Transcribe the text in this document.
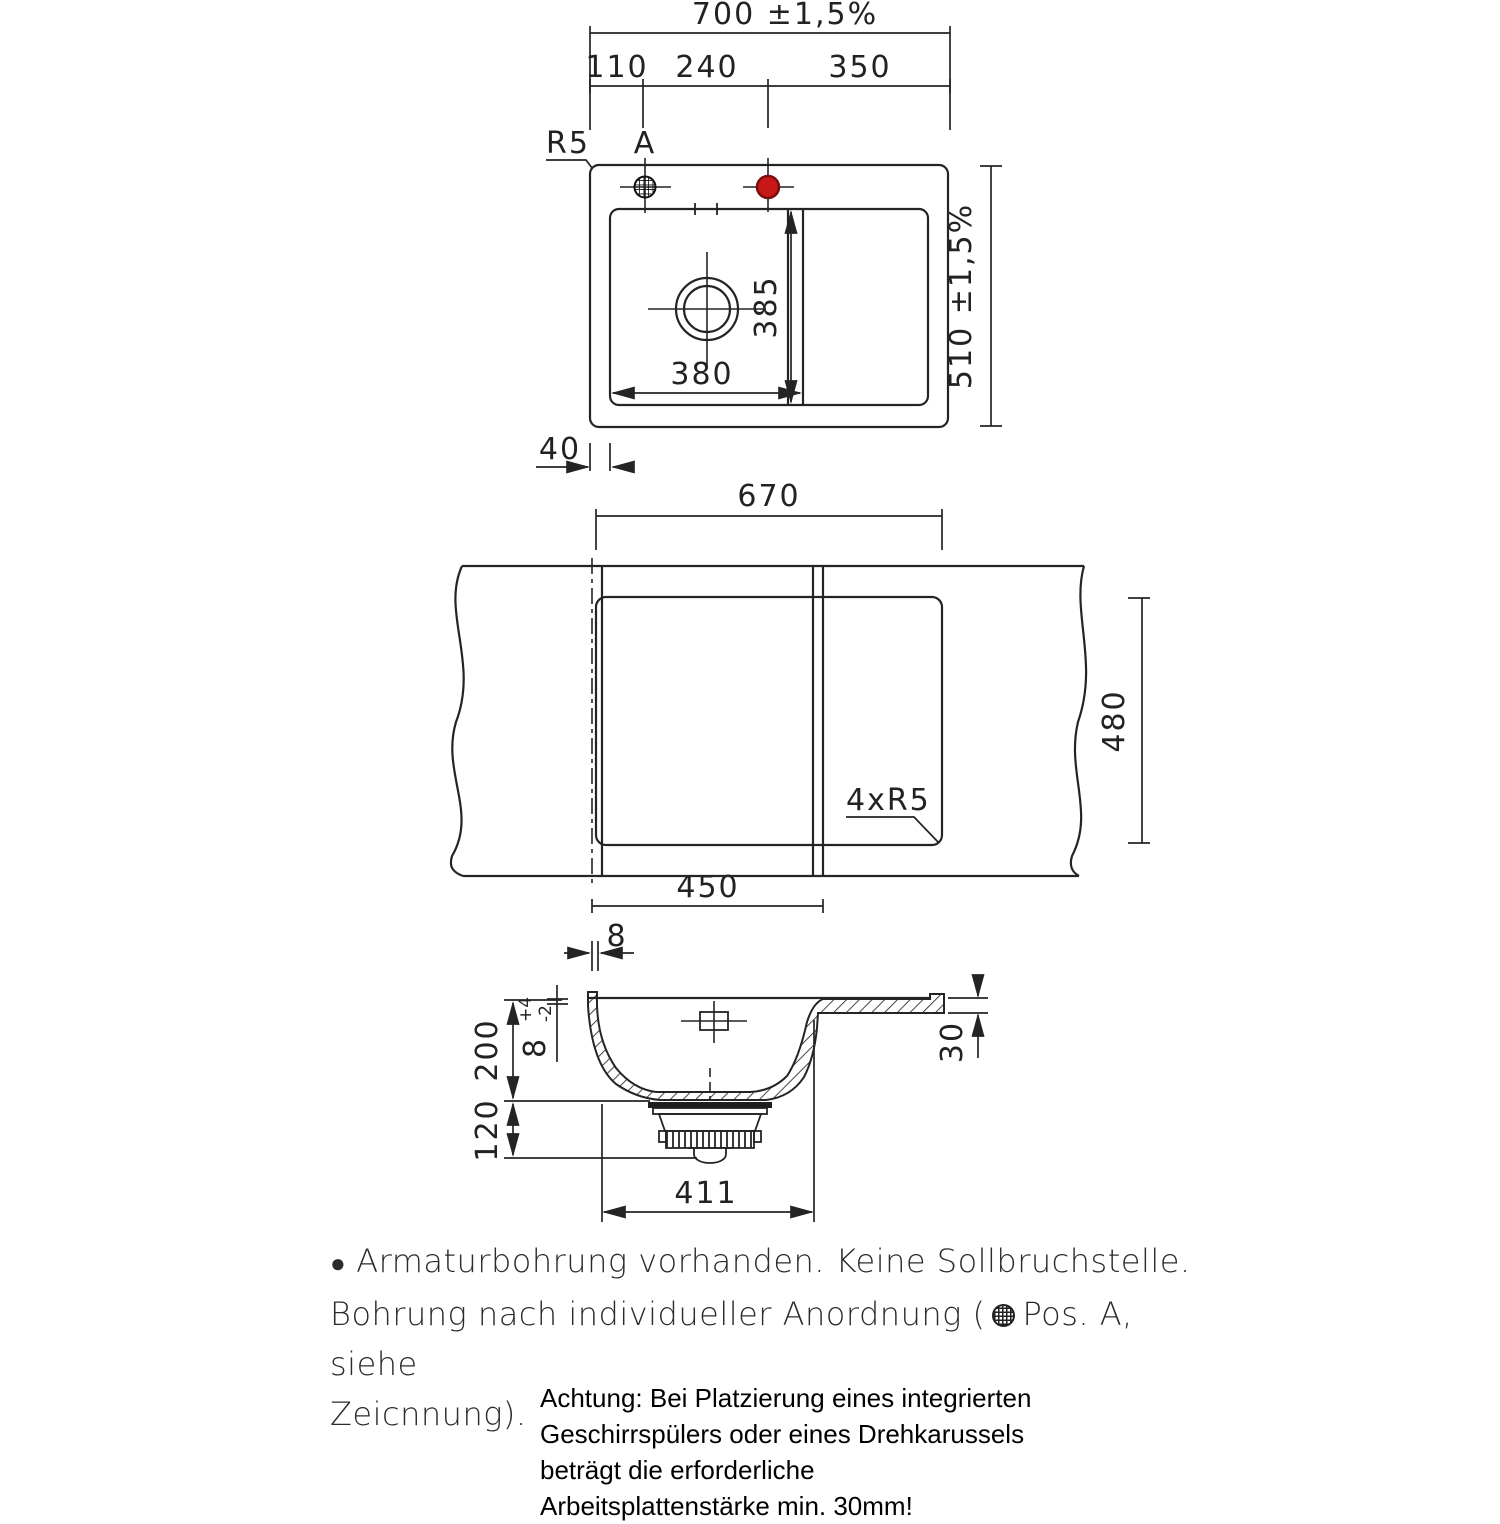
700 ±1,5%
110 240	350
R5 A
385
380	510 ±1,5%
40
670
450
8
4xR5
480
200
120
8
+4 -2
30
411
● Armaturbohrung vorhanden. Keine Sollbruchstelle.
Bohrung nach individueller Anordnung ( Pos. A, siehe
Zeicnnung). Achtung: Bei Platzierung eines integrierten
Geschirrspülers oder eines Drehkarussels
beträgt die erforderliche
Arbeitsplattenstärke min. 30mm!
